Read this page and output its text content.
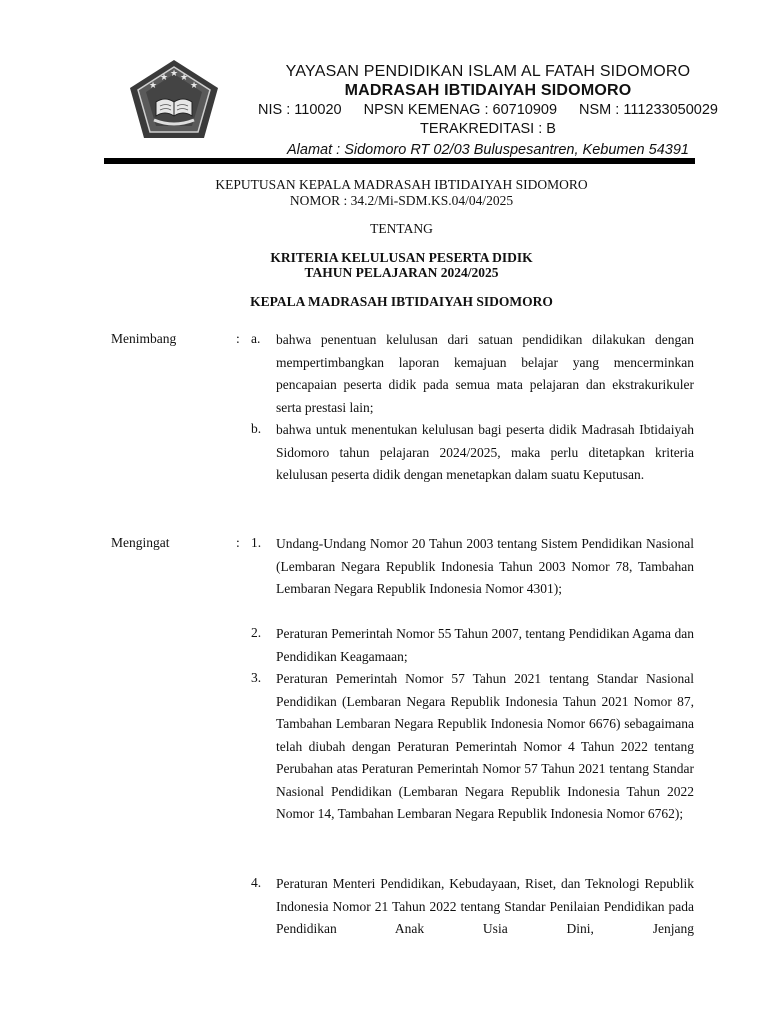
★
★ ★ ★
★
YAYASAN PENDIDIKAN ISLAM AL FATAH SIDOMORO
MADRASAH IBTIDAIYAH SIDOMORO
NIS : 110020 NPSN KEMENAG : 60710909 NSM : 111233050029
TERAKREDITASI : B
Alamat : Sidomoro RT 02/03 Buluspesantren, Kebumen 54391
KEPUTUSAN KEPALA MADRASAH IBTIDAIYAH SIDOMORO
NOMOR : 34.2/Mi-SDM.KS.04/04/2025
TENTANG
KRITERIA KELULUSAN PESERTA DIDIK
TAHUN PELAJARAN 2024/2025
KEPALA MADRASAH IBTIDAIYAH SIDOMORO
Menimbang	: a. bahwa penentuan kelulusan dari satuan pendidikan dilakukan dengan mempertimbangkan laporan kemajuan belajar yang mencerminkan pencapaian peserta didik pada semua mata pelajaran dan ekstrakurikuler serta prestasi lain;
b. bahwa untuk menentukan kelulusan bagi peserta didik Madrasah Ibtidaiyah Sidomoro tahun pelajaran 2024/2025, maka perlu ditetapkan kriteria kelulusan peserta didik dengan menetapkan dalam suatu Keputusan.
Mengingat	: 1. Undang-Undang Nomor 20 Tahun 2003 tentang Sistem Pendidikan Nasional (Lembaran Negara Republik Indonesia Tahun 2003 Nomor 78, Tambahan Lembaran Negara Republik Indonesia Nomor 4301);
2. Peraturan Pemerintah Nomor 55 Tahun 2007, tentang Pendidikan Agama dan Pendidikan Keagamaan;
3. Peraturan Pemerintah Nomor 57 Tahun 2021 tentang Standar Nasional Pendidikan (Lembaran Negara Republik Indonesia Tahun 2021 Nomor 87, Tambahan Lembaran Negara Republik Indonesia Nomor 6676) sebagaimana telah diubah dengan Peraturan Pemerintah Nomor 4 Tahun 2022 tentang Perubahan atas Peraturan Pemerintah Nomor 57 Tahun 2021 tentang Standar Nasional Pendidikan (Lembaran Negara Republik Indonesia Tahun 2022 Nomor 14, Tambahan Lembaran Negara Republik Indonesia Nomor 6762);
4. Peraturan Menteri Pendidikan, Kebudayaan, Riset, dan Teknologi Republik Indonesia Nomor 21 Tahun 2022 tentang Standar Penilaian Pendidikan pada Pendidikan Anak Usia Dini, Jenjang
